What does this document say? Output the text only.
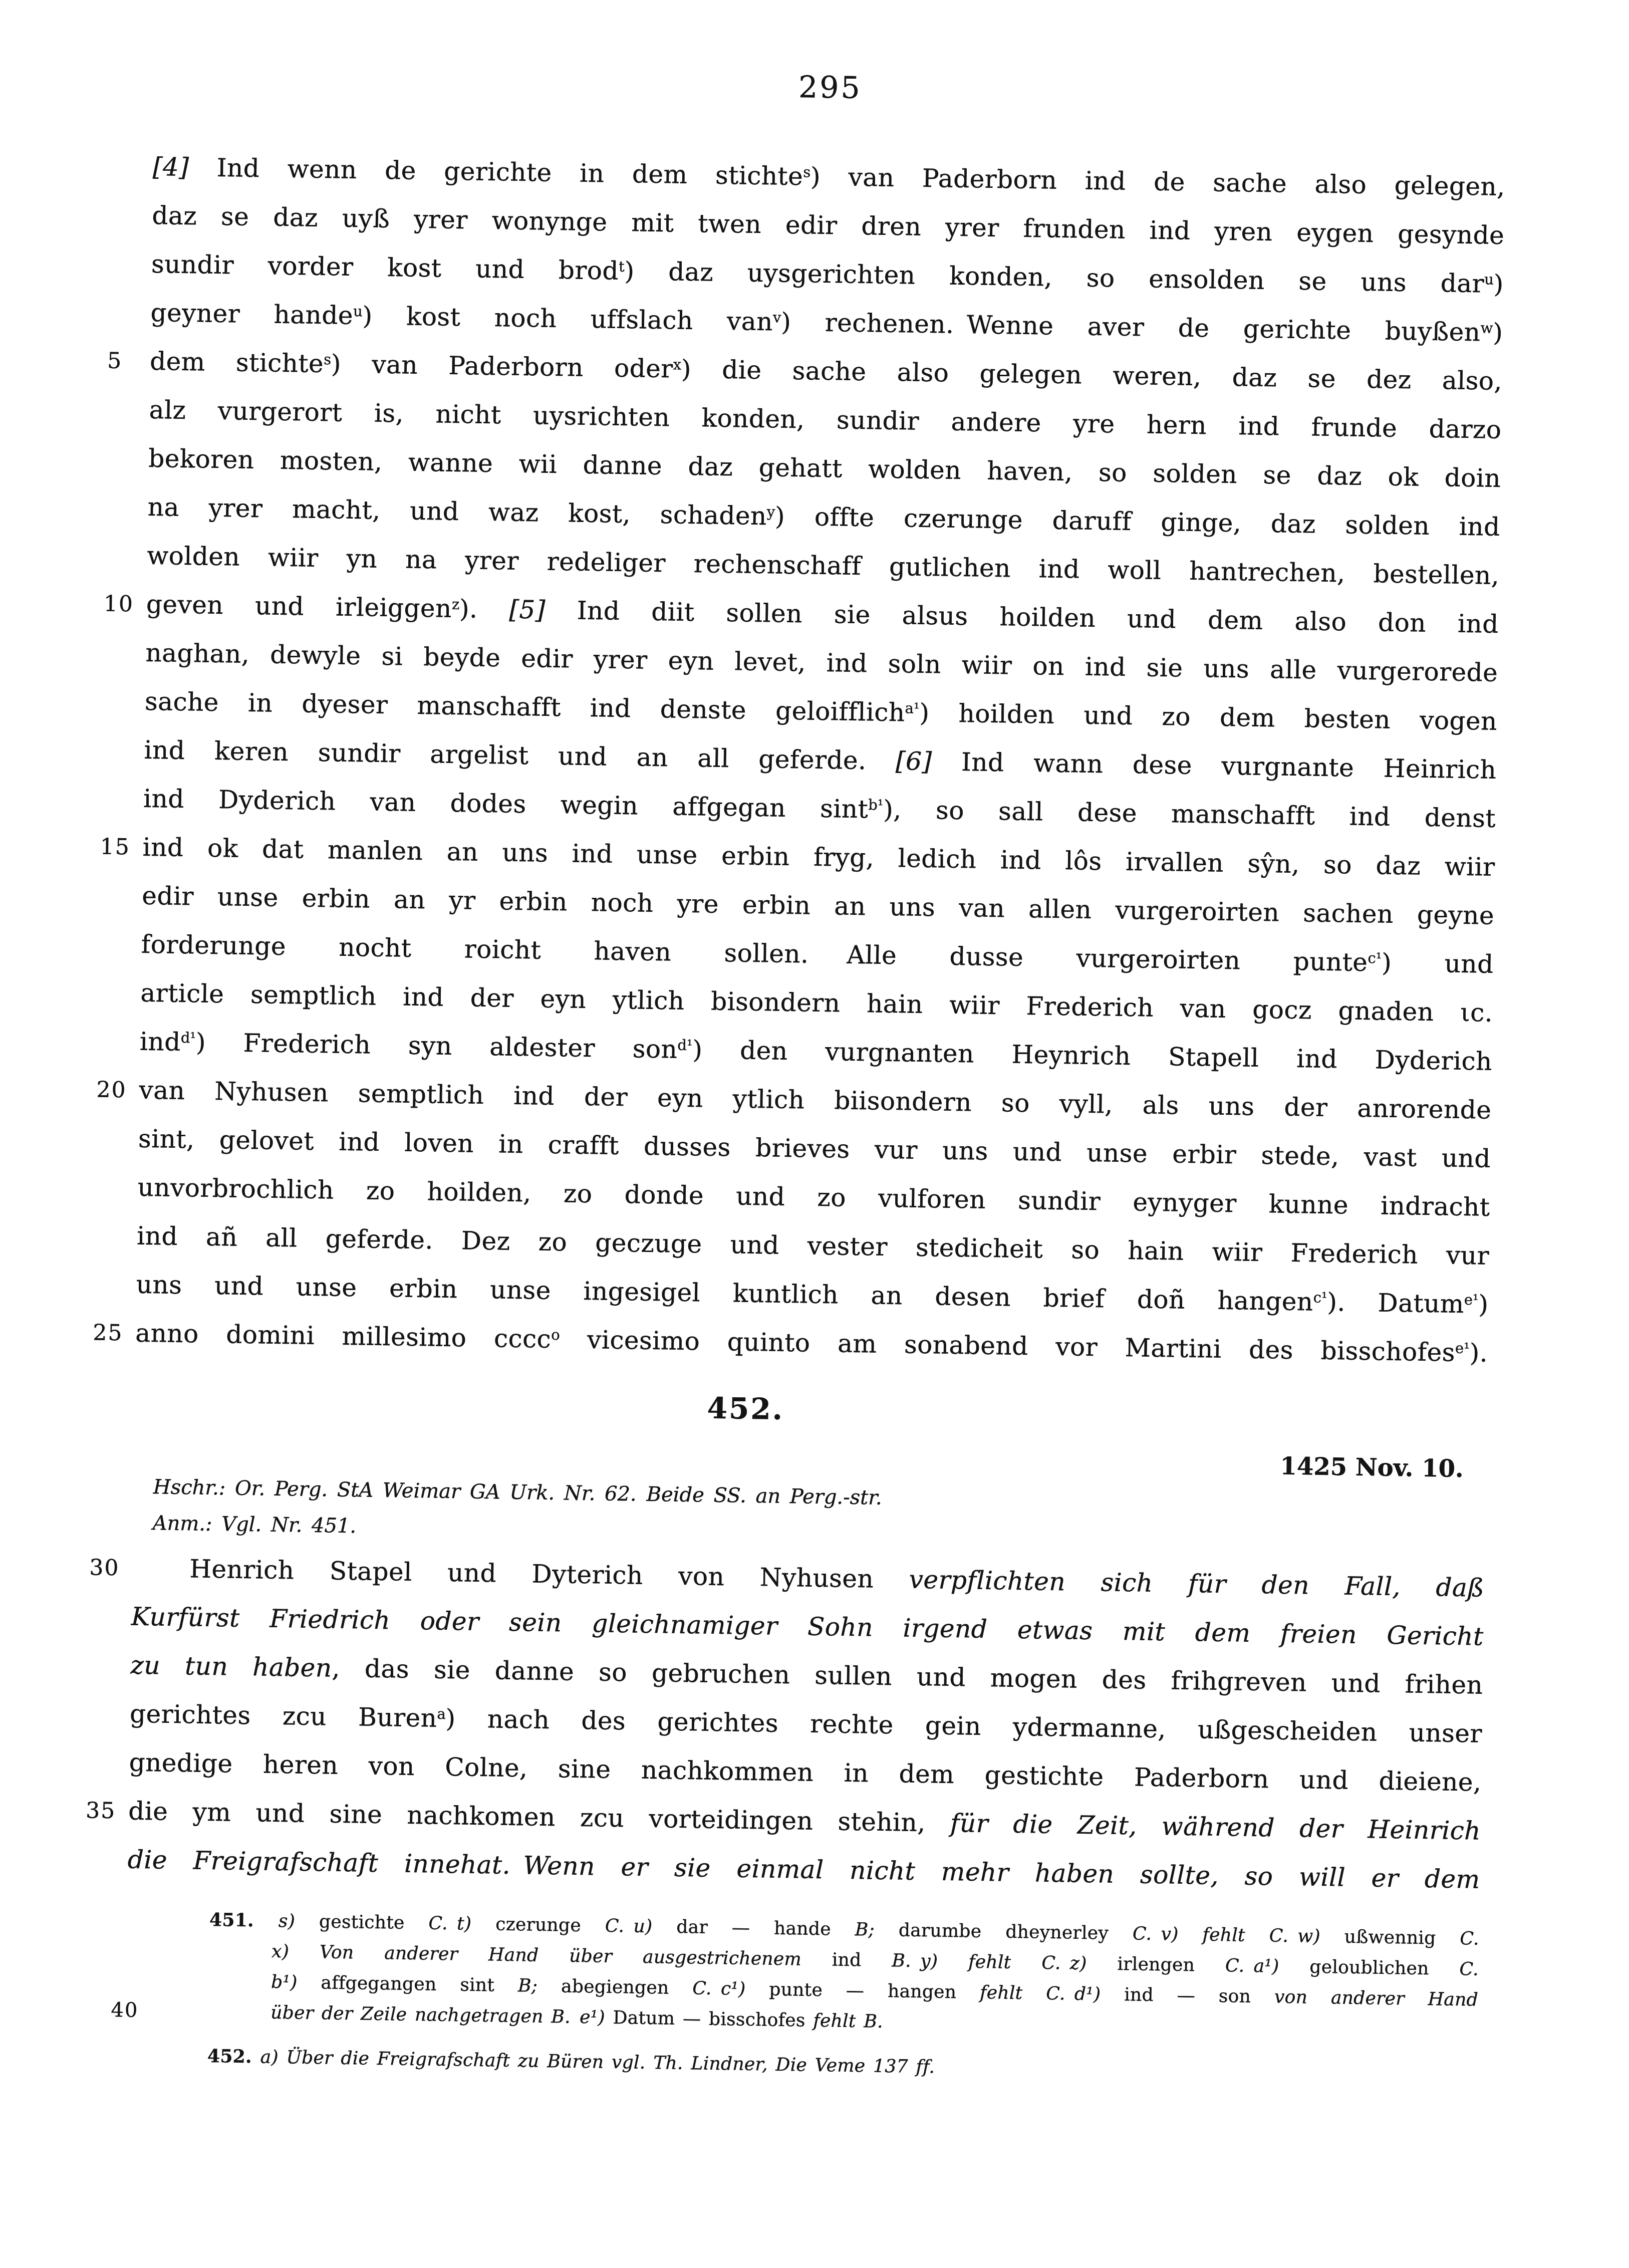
295
[4] Ind wenn de gerichte in dem stichte$^s$) van Paderborn ind de sache also gelegen,
daz se daz uyß yrer wonynge mit twen edir dren yrer frunden ind yren eygen gesynde
sundir vorder kost und brod$^t$) daz uysgerichten konden, so ensolden se uns dar$^u$)
geyner hande$^u$) kost noch uffslach van$^v$) rechenen. Wenne aver de gerichte buyßen$^w$)
5	dem stichte$^s$) van Paderborn oder$^x$) die sache also gelegen weren, daz se dez also,
alz vurgerort is, nicht uysrichten konden, sundir andere yre hern ind frunde darzo
bekoren mosten, wanne wii danne daz gehatt wolden haven, so solden se daz ok doin
na yrer macht, und waz kost, schaden$^y$) offte czerunge daruff ginge, daz solden ind
wolden wiir yn na yrer redeliger rechenschaff gutlichen ind woll hantrechen, bestellen,
10 geven und irleiggen$^z$). [5] Ind diit sollen sie alsus hoilden und dem also don ind
naghan, dewyle si beyde edir yrer eyn levet, ind soln wiir on ind sie uns alle vurgerorede
sache in dyeser manschafft ind denste geloifflich$^{a^1}$) hoilden und zo dem besten vogen
ind keren sundir argelist und an all geferde. [6] Ind wann dese vurgnante Heinrich
ind Dyderich van dodes wegin affgegan sint$^{b^1}$), so sall dese manschafft ind denst
15 ind ok dat manlen an uns ind unse erbin fryg, ledich ind lôs irvallen sŷn, so daz wiir
edir unse erbin an yr erbin noch yre erbin an uns van allen vurgeroirten sachen geyne
forderunge nocht roicht haven sollen.  Alle dusse vurgeroirten punte$^{c^1}$) und
article semptlich ind der eyn ytlich bisondern hain wiir Frederich van gocz gnaden ιc.
ind$^{d^1}$) Frederich syn aldester son$^{d^1}$) den vurgnanten Heynrich Stapell ind Dyderich
20 van Nyhusen semptlich ind der eyn ytlich biisondern so vyll, als uns der anrorende
sint, gelovet ind loven in crafft dusses brieves vur uns und unse erbir stede, vast und
unvorbrochlich zo hoilden, zo donde und zo vulforen sundir eynyger kunne indracht
ind añ all geferde. Dez zo geczuge und vester stedicheit so hain wiir Frederich vur
uns und unse erbin unse ingesigel kuntlich an desen brief doñ hangen$^{c^1}$). Datum$^{e^1}$)
25 anno domini millesimo cccc$^o$ vicesimo quinto am sonabend vor Martini des bisschofes$^{e^1}$).
452.
1425 Nov. 10.
Hschr.: Or. Perg. StA Weimar GA Urk. Nr. 62. Beide SS. an Perg.-str.
Anm.: Vgl. Nr. 451.
30	Henrich Stapel und Dyterich von Nyhusen verpflichten sich für den Fall, daß
Kurfürst Friedrich oder sein gleichnamiger Sohn irgend etwas mit dem freien Gericht
zu tun haben, das sie danne so gebruchen sullen und mogen des frihgreven und frihen
gerichtes zcu Buren$^a$) nach des gerichtes rechte gein ydermanne, ußgescheiden unser
gnedige heren von Colne, sine nachkommen in dem gestichte Paderborn und dieiene,
35 die ym und sine nachkomen zcu vorteidingen stehin, für die Zeit, während der Heinrich
die Freigrafschaft innehat. Wenn er sie einmal nicht mehr haben sollte, so will er dem
451. s) gestichte C.  t) czerunge C.  u) dar — hande B; darumbe dheynerley C.  v) fehlt C.  w) ußwennig C.
x) Von anderer Hand über ausgestrichenem ind B.  y) fehlt C.  z) irlengen C.  a¹) geloublichen C.
b¹) affgegangen sint B; abegiengen C.  c¹) punte — hangen fehlt C.  d¹) ind — son von anderer Hand
40	über der Zeile nachgetragen B.  e¹) Datum — bisschofes fehlt B.
452. a) Über die Freigrafschaft zu Büren vgl. Th. Lindner, Die Veme 137 ff.
